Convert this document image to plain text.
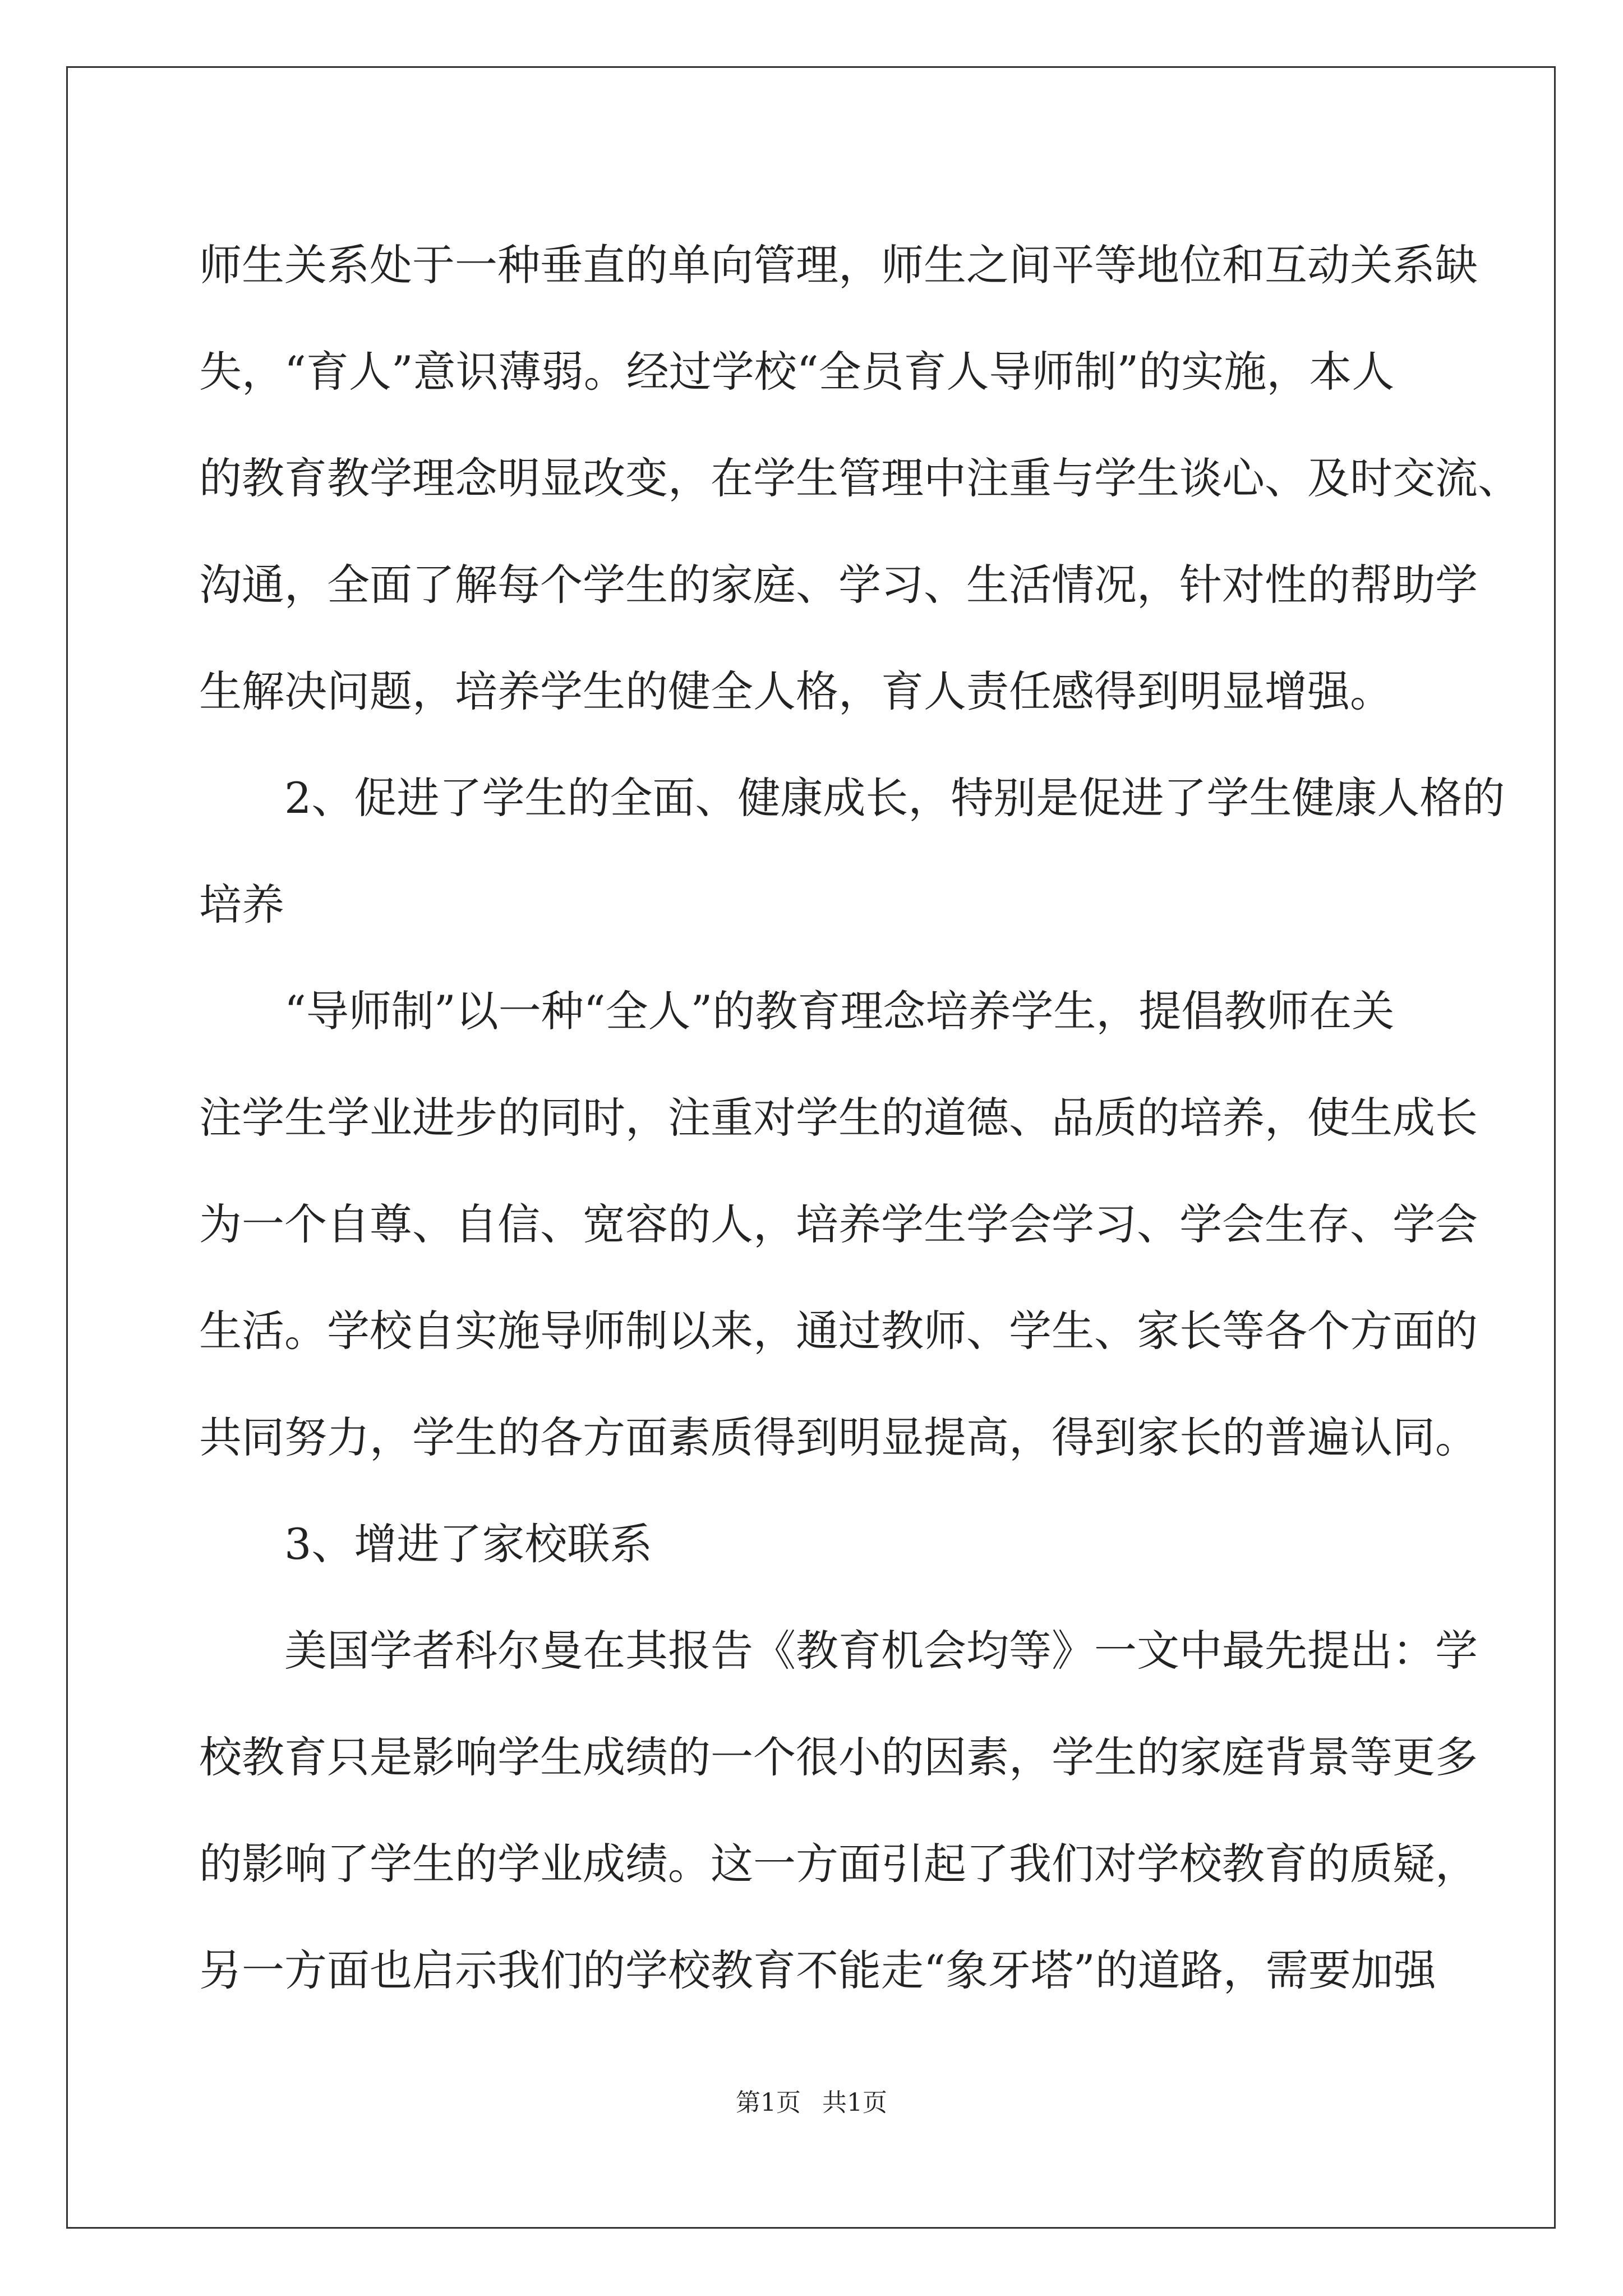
师生关系处于一种垂直的单向管理，师生之间平等地位和互动关系缺
失，“育人”意识薄弱。经过学校“全员育人导师制”的实施，本人
的教育教学理念明显改变，在学生管理中注重与学生谈心、及时交流、
沟通，全面了解每个学生的家庭、学习、生活情况，针对性的帮助学
生解决问题，培养学生的健全人格，育人责任感得到明显增强。
2、促进了学生的全面、健康成长，特别是促进了学生健康人格的
培养
“导师制”以一种“全人”的教育理念培养学生，提倡教师在关
注学生学业进步的同时，注重对学生的道德、品质的培养，使生成长
为一个自尊、自信、宽容的人，培养学生学会学习、学会生存、学会
生活。学校自实施导师制以来，通过教师、学生、家长等各个方面的
共同努力，学生的各方面素质得到明显提高，得到家长的普遍认同。
3、增进了家校联系
美国学者科尔曼在其报告《教育机会均等》一文中最先提出：学
校教育只是影响学生成绩的一个很小的因素，学生的家庭背景等更多
的影响了学生的学业成绩。这一方面引起了我们对学校教育的质疑，
另一方面也启示我们的学校教育不能走“象牙塔”的道路，需要加强
第1页 共1页
